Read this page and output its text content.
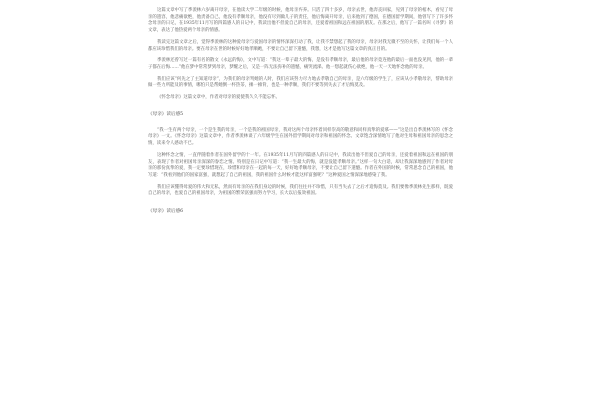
这篇文章中写了季羡林六岁离开母亲，在他读大学二年级的时候，他母亲弃养。只活了四十多岁，母亲去世，他奔丧回家，见到了母亲的棺木，看见了母亲的遗容，他悲痛欲绝，他责备自己，他没有孝顺母亲，他没有尽到做儿子的责任，他后悔离开母亲，后来他到了德国，在德国留学期间，他曾写下了许多怀念母亲的日记，在1935年11月写的四篇感人的日记中，我读出他不但爱自己的母亲，还爱着祖国和远在祖国的朋友。在那之后，他写了一篇名叫《寻梦》的文章，表达了他热爱两个母亲的情感。

我读完这篇文章之后，觉得季羡林的这种爱母亲与爱国母亲的情怀深深打动了我，让我不禁想起了我的母亲，母亲对我无微不至的关怀，让我们每一个人都应该珍惜我们的母亲。要在母亲在世的时候好好地孝顺她，不要让自己留下遗憾，我想，这才是他写这篇文章的真正目的。

季羡林还曾写过一篇有名的散文《永远的悔》，文中写道：“我这一辈子最大的悔，是没有孝顺母亲，最后他的母亲竟连他的最后一面也没见到，他的一辈子都在后悔……”他在梦中常常梦到母亲，梦醒之后，又是一阵无法弥补的遗憾，痛哭流涕。他一想起就伤心欲绝，他一天一天地怀念他的母亲。

我们应该“何先之了主知道母亲”，为我们的母亲骂她的人时，我们应该努力尽力地去孝敬自己的母亲，是六年级的学生了，应该从小孝敬母亲，帮助母亲做一些力所能及的事情，哪怕只是帮她倒一杯热茶，捶一捶背，也是一种孝顺，我们不要等到失去了才后悔莫及。

《怀念母亲》这篇文章中，作者对母亲的爱使我久久不能忘怀。

《母亲》读后感5

“我一生有两个母亲，一个是生我的母亲，一个是我的祖国母亲，我对这两个母亲怀着同样崇高的敬意和同样真挚的爱慕——”这是出自季羡林写的《怀念母亲》一文。《怀念母亲》这篇文章中，作者季羡林谈了六年级学生在国外留学期间对母亲和祖国的怀念。文章饱含深情地写了他对生母和祖国母亲的思念之情，读来令人感动不已。

这种怀念之情，一直伴随着作者在国外留学的十一年。在1935年11月写的四篇感人的日记中，我读出他不但爱自己的母亲，还爱着祖国和远在祖国的朋友，表现了作者对祖国母亲深深的眷恋之情。特别是在日记中写道：“我一生最大的悔，就是没能孝顺母亲。”这样一句大白话，却让我深深地感到了作者对母亲的那份真挚的爱，我一定要珍惜现在，珍惜和母亲在一起的每一天，好好地孝顺母亲，不要让自己留下遗憾。作者在外国的时候，常常思念自己的祖国，他写道：“我看到他们的国家富强，就想起了自己的祖国，我的祖国什么时候才能这样富强呢？”这种爱国之情深深地感染了我。

我们应该懂得母爱的伟大和无私，然而有母亲的在我们身边的时候，我们往往并不珍惜，只有当失去了之后才追悔莫及。我们要像季羡林先生那样，既爱自己的母亲，也爱自己的祖国母亲，为祖国的繁荣富强而努力学习，长大以后报效祖国。

《母亲》读后感6
